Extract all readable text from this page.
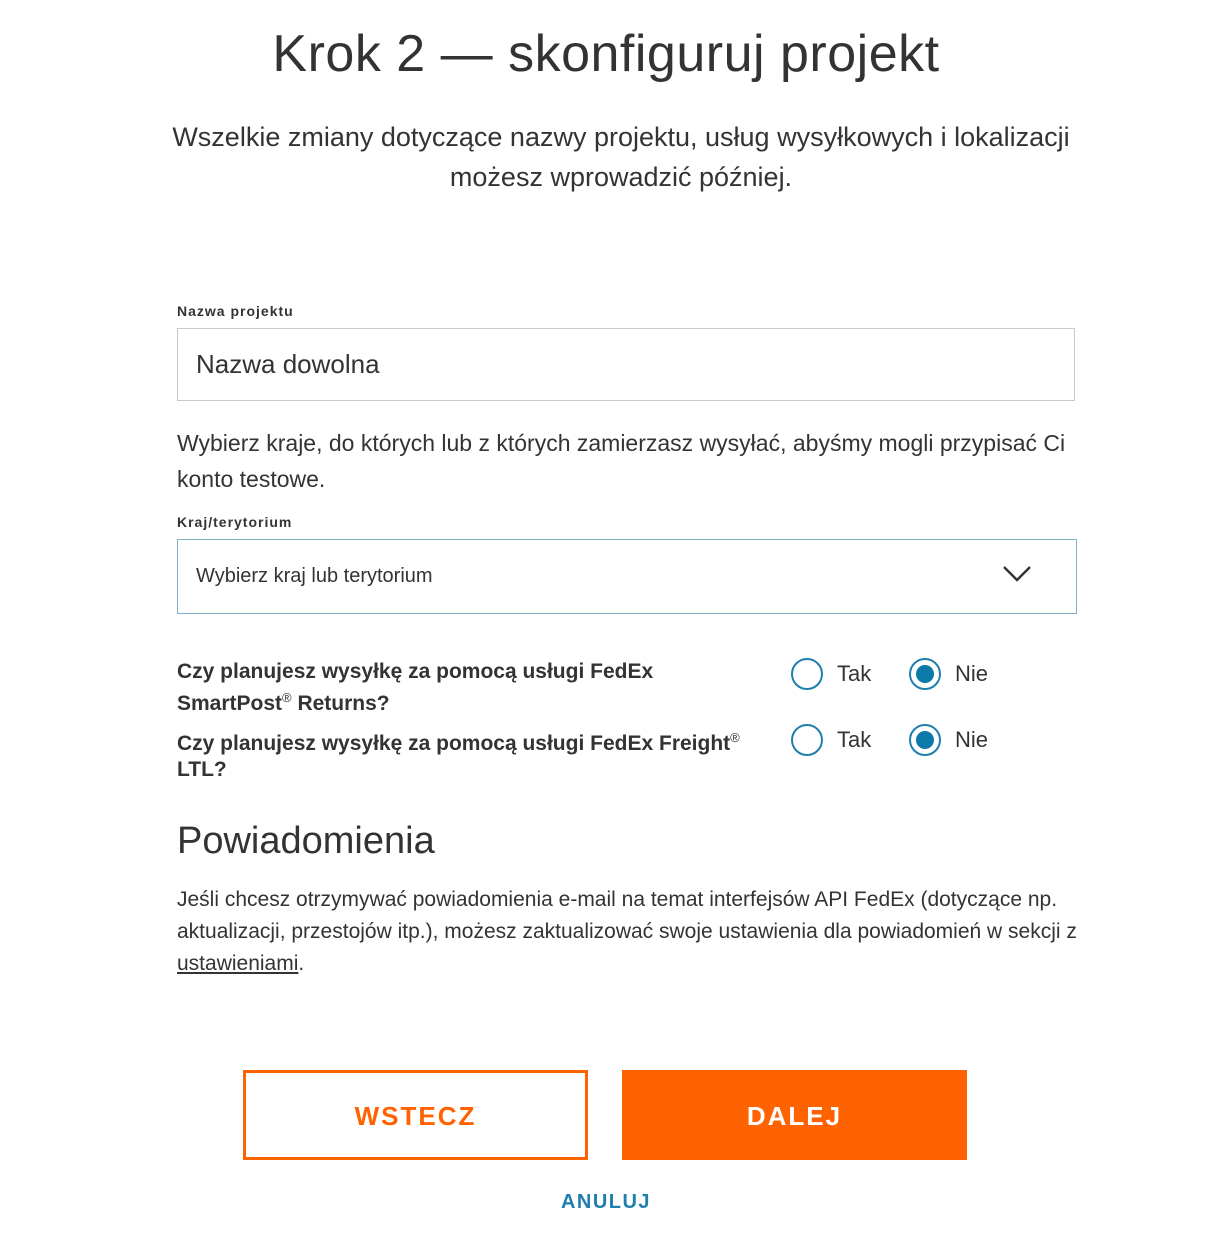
Krok 2 — skonfiguruj projekt
Wszelkie zmiany dotyczące nazwy projektu, usług wysyłkowych i lokalizacji możesz wprowadzić później.
Nazwa projektu
Nazwa dowolna
Wybierz kraje, do których lub z których zamierzasz wysyłać, abyśmy mogli przypisać Ci konto testowe.
Kraj/terytorium
Wybierz kraj lub terytorium
Czy planujesz wysyłkę za pomocą usługi FedEx SmartPost® Returns?
Tak	Nie
Czy planujesz wysyłkę za pomocą usługi FedEx Freight® LTL?
Tak	Nie
Powiadomienia
Jeśli chcesz otrzymywać powiadomienia e-mail na temat interfejsów API FedEx (dotyczące np. aktualizacji, przestojów itp.), możesz zaktualizować swoje ustawienia dla powiadomień w sekcji z ustawieniami.
WSTECZ	DALEJ
ANULUJ
